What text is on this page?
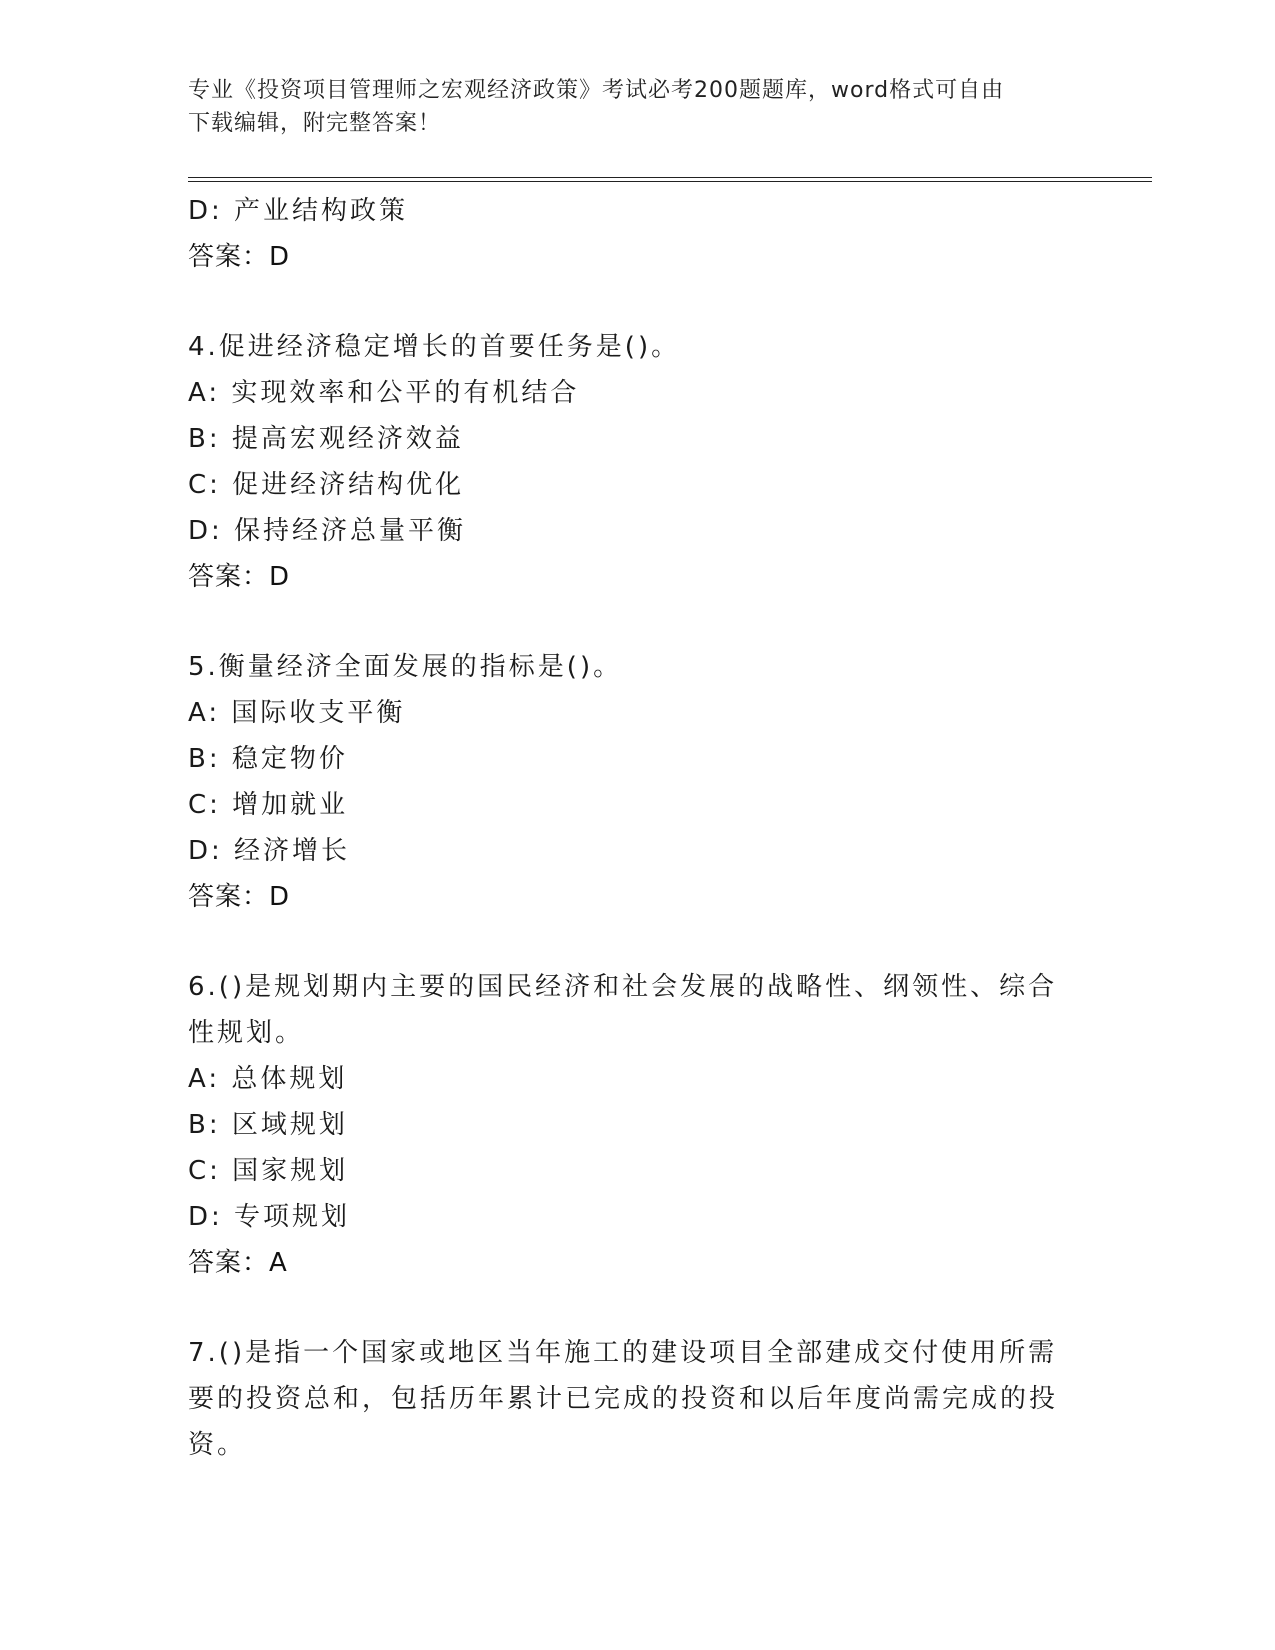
专业《投资项目管理师之宏观经济政策》考试必考200题题库，word格式可自由
下载编辑，附完整答案！
D: 产业结构政策
答案：D
4.促进经济稳定增长的首要任务是()。
A: 实现效率和公平的有机结合
B: 提高宏观经济效益
C: 促进经济结构优化
D: 保持经济总量平衡
答案：D
5.衡量经济全面发展的指标是()。
A: 国际收支平衡
B: 稳定物价
C: 增加就业
D: 经济增长
答案：D
6.()是规划期内主要的国民经济和社会发展的战略性、纲领性、综合
性规划。
A: 总体规划
B: 区域规划
C: 国家规划
D: 专项规划
答案：A
7.()是指一个国家或地区当年施工的建设项目全部建成交付使用所需
要的投资总和，包括历年累计已完成的投资和以后年度尚需完成的投
资。
